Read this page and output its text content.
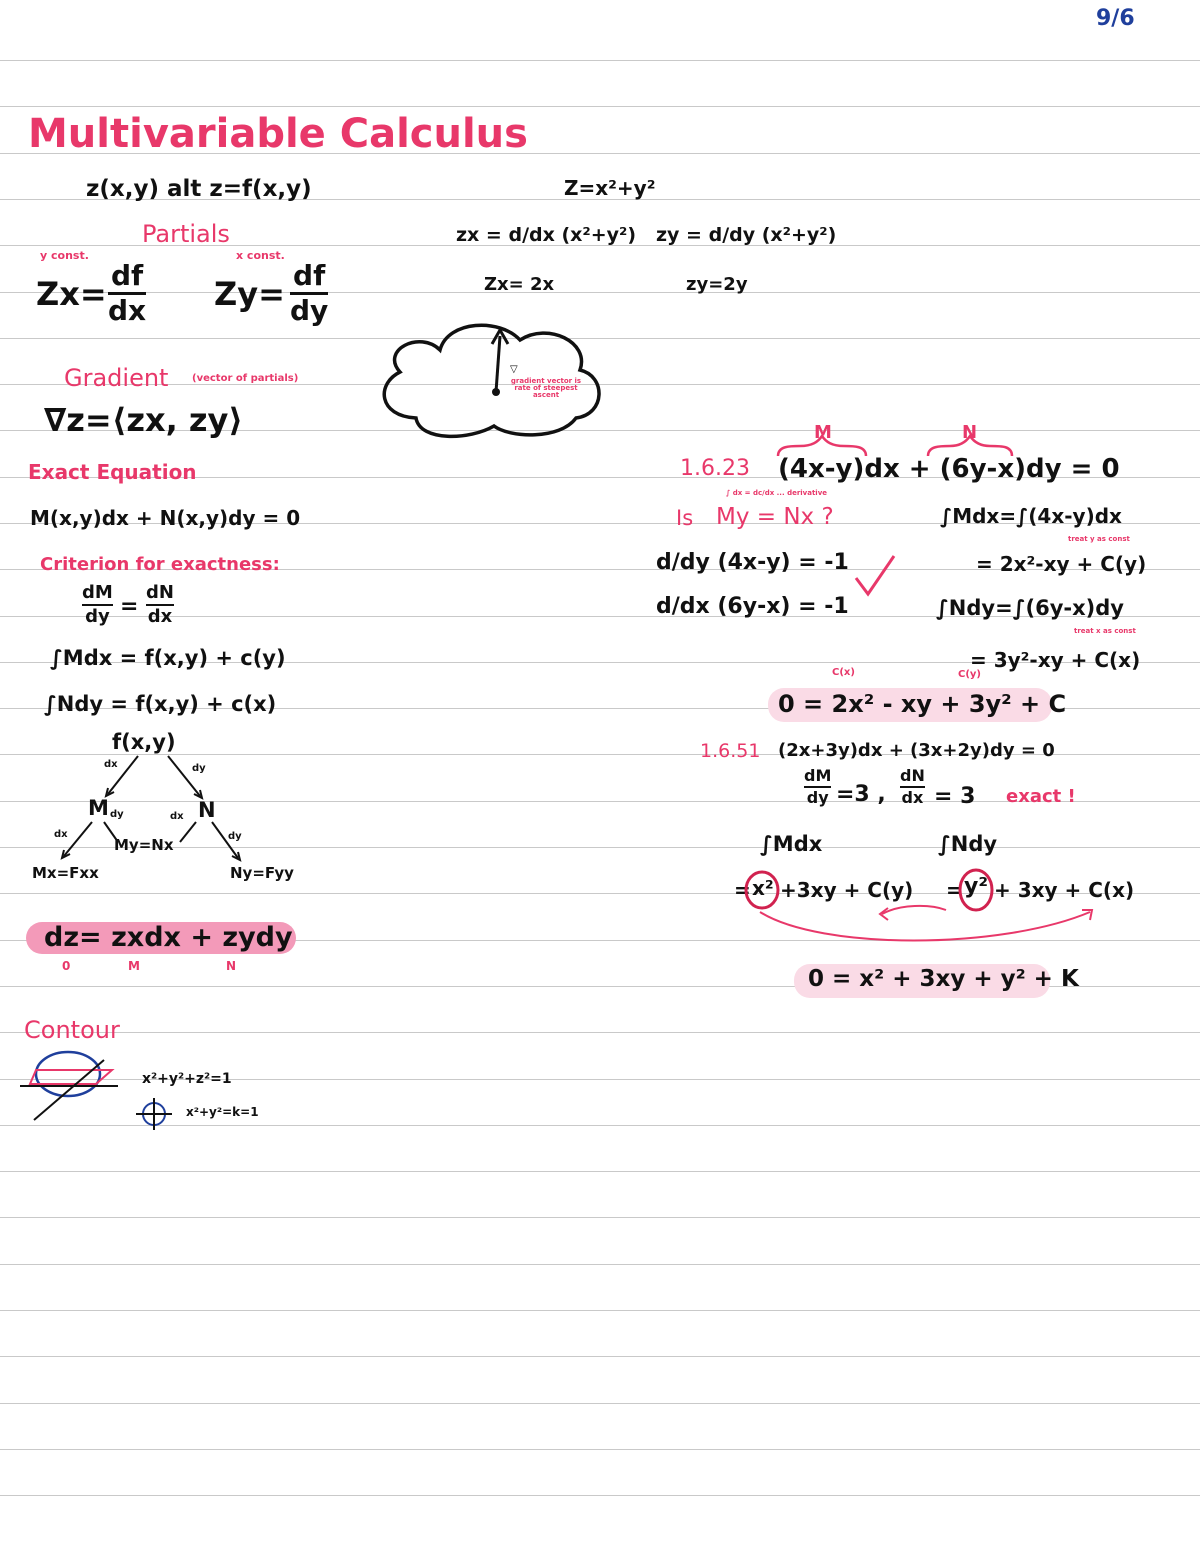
9/6
Multivariable Calculus
z(x,y) alt z=f(x,y)
Partials
y const.	x const.
Zx= df
dx Zy= df
dy
Gradient (vector of partials)
∇z=⟨zx, zy⟩
Exact Equation
M(x,y)dx + N(x,y)dy = 0
Criterion for exactness:
dM
dy =
dN
dx
∫Mdx = f(x,y) + c(y)
∫Ndy = f(x,y) + c(x)
f(x,y)
dx	dy
M	N
dy	dx
dx	dy
My=Nx
Mx=Fxx	Ny=Fyy
dz= zxdx + zydy
0	M	N
Contour
x²+y²+z²=1
x²+y²=k=1
Z=x²+y²
zx = d/dx (x²+y²) zy = d/dy (x²+y²)
Zx= 2x	zy=2y
gradient vector is rate of steepest ascent
M	N
1.6.23 (4x-y)dx + (6y-x)dy = 0
∫ dx = dc/dx ... derivative
Is My = Nx ?
d/dy (4x-y) = -1
d/dx (6y-x) = -1
∫Mdx=∫(4x-y)dx
treat y as const
= 2x²-xy + C(y)
∫Ndy=∫(6y-x)dy
treat x as const
= 3y²-xy + C(x)
C(x)	C(y)
0 = 2x² - xy + 3y² + C
1.6.51 (2x+3y)dx + (3x+2y)dy = 0
dM
dy =3 ,
dN
dx = 3 exact !
∫Mdx	∫Ndy
= x² +3xy + C(y) = y² + 3xy + C(x)
0 = x² + 3xy + y² + K
▽
